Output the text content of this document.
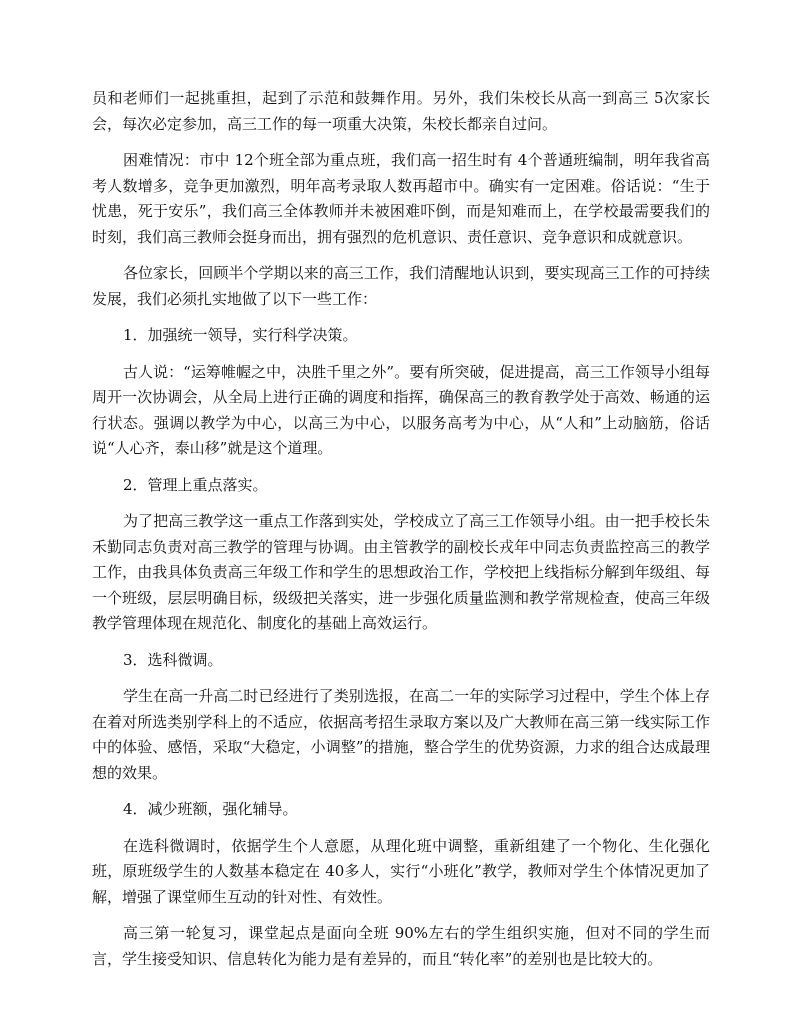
员和老师们一起挑重担，起到了示范和鼓舞作用。另外，我们朱校长从高一到高三 5次家长会，每次必定参加，高三工作的每一项重大决策，朱校长都亲自过问。

困难情况：市中 12个班全部为重点班，我们高一招生时有 4个普通班编制，明年我省高考人数增多，竞争更加激烈，明年高考录取人数再超市中。确实有一定困难。俗话说：“生于忧患，死于安乐”，我们高三全体教师并未被困难吓倒，而是知难而上，在学校最需要我们的时刻，我们高三教师会挺身而出，拥有强烈的危机意识、责任意识、竞争意识和成就意识。

各位家长，回顾半个学期以来的高三工作，我们清醒地认识到，要实现高三工作的可持续发展，我们必须扎实地做了以下一些工作：

1．加强统一领导，实行科学决策。

古人说：“运筹帷幄之中，决胜千里之外”。要有所突破，促进提高，高三工作领导小组每周开一次协调会，从全局上进行正确的调度和指挥，确保高三的教育教学处于高效、畅通的运行状态。强调以教学为中心，以高三为中心，以服务高考为中心，从“人和”上动脑筋，俗话说“人心齐，泰山移”就是这个道理。

2．管理上重点落实。

为了把高三教学这一重点工作落到实处，学校成立了高三工作领导小组。由一把手校长朱禾勤同志负责对高三教学的管理与协调。由主管教学的副校长戎年中同志负责监控高三的教学工作，由我具体负责高三年级工作和学生的思想政治工作，学校把上线指标分解到年级组、每一个班级，层层明确目标，级级把关落实，进一步强化质量监测和教学常规检查，使高三年级教学管理体现在规范化、制度化的基础上高效运行。

3．选科微调。

学生在高一升高二时已经进行了类别选报，在高二一年的实际学习过程中，学生个体上存在着对所选类别学科上的不适应，依据高考招生录取方案以及广大教师在高三第一线实际工作中的体验、感悟，采取“大稳定，小调整”的措施，整合学生的优势资源，力求的组合达成最理想的效果。

4．减少班额，强化辅导。

在选科微调时，依据学生个人意愿，从理化班中调整，重新组建了一个物化、生化强化班，原班级学生的人数基本稳定在 40多人，实行“小班化”教学，教师对学生个体情况更加了解，增强了课堂师生互动的针对性、有效性。

高三第一轮复习，课堂起点是面向全班 90%左右的学生组织实施，但对不同的学生而言，学生接受知识、信息转化为能力是有差异的，而且“转化率”的差别也是比较大的。
